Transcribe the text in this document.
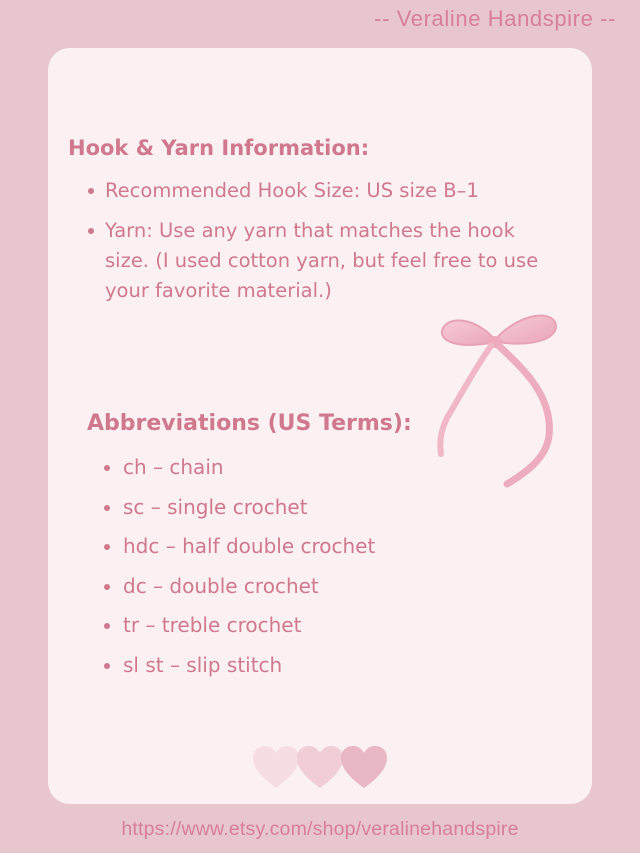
-- Veraline Handspire --
Hook & Yarn Information:
Recommended Hook Size: US size B–1
Yarn: Use any yarn that matches the hook size. (I used cotton yarn, but feel free to use your favorite material.)
Abbreviations (US Terms):
ch – chain
sc – single crochet
hdc – half double crochet
dc – double crochet
tr – treble crochet
sl st – slip stitch
https://www.etsy.com/shop/veralinehandspire
